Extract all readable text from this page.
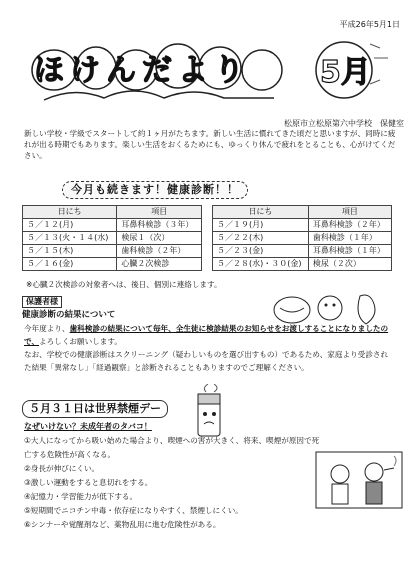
平成26年5月1日
ほけんだより 5月
松原市立松原第六中学校　保健室
新しい学校・学級でスタートして約１ヶ月がたちます。新しい生活に慣れてきた頃だと思いますが、同時に疲れが出る時期でもあります。楽しい生活をおくるためにも、ゆっくり休んで疲れをとることも、心がけてください。
今月も続きます！健康診断！！
日にち	項目
５／１２(月)	耳鼻科検診（３年）
５／１３(火・１４(水)	検尿１（次）
５／１５(木)	歯科検診（２年）
５／１６(金)	心臓２次検診
日にち	項目
５／１９(月)	耳鼻科検診（２年）
５／２２(木)	歯科検診（１年）
５／２３(金)	耳鼻科検診（１年）
５／２８(水)・３０(金)	検尿（２次）
※心臓２次検診の対象者へは、後日、個別に連絡します。
保護者様
健康診断の結果について
今年度より、歯科検診の結果について毎年、全生徒に検診結果のお知らせをお渡しすることになりましたので、よろしくお願いします。
なお、学校での健康診断はスクリーニング（疑わしいものを選び出すもの）であるため、家庭より受診された結果「異常なし」「経過観察」と診断されることもありますのでご理解ください。
５月３１日は世界禁煙デー
なぜいけない？未成年者のタバコ！
①大人になってから吸い始めた場合より、喫煙への害が大きく、将来、喫煙が原因で死亡する危険性が高くなる。
②身長が伸びにくい。
③激しい運動をすると息切れをする。
④記憶力・学習能力が低下する。
⑤短期間でニコチン中毒・依存症になりやすく、禁煙しにくい。
⑥シンナーや覚醒剤など、薬物乱用に進む危険性がある。
